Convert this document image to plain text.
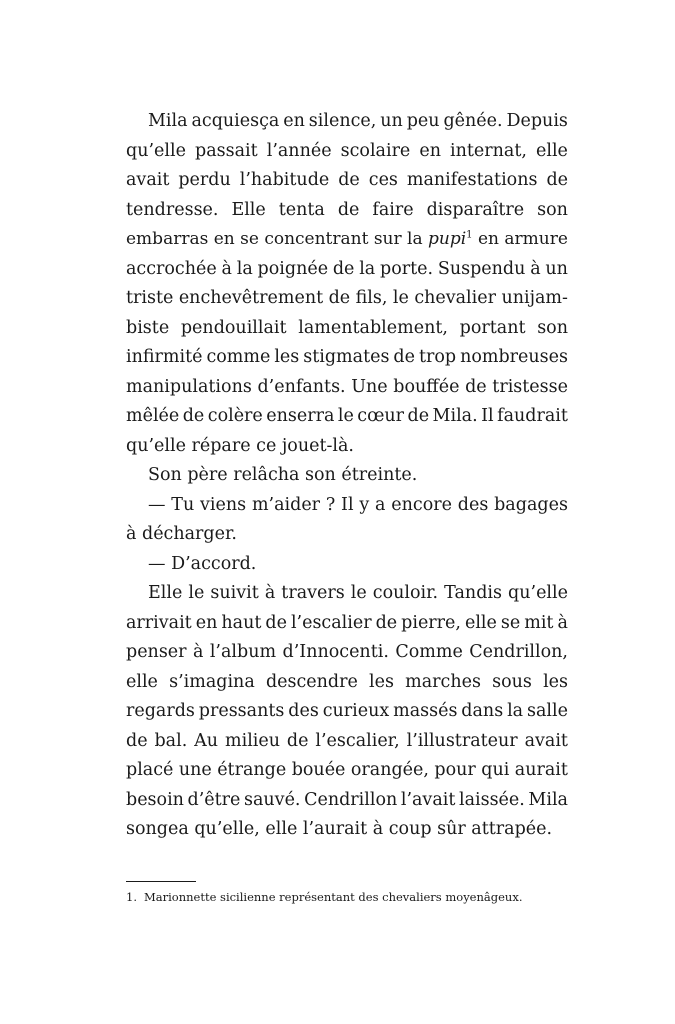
Mila acquiesça en silence, un peu gênée. Depuis
qu’elle passait l’année scolaire en internat, elle
avait perdu l’habitude de ces manifestations de
tendresse. Elle tenta de faire disparaître son
embarras en se concentrant sur la pupi$^1$ en armure
accrochée à la poignée de la porte. Suspendu à un
triste enchevêtrement de fils, le chevalier unijam-
biste pendouillait lamentablement, portant son
infirmité comme les stigmates de trop nombreuses
manipulations d’enfants. Une bouffée de tristesse
mêlée de colère enserra le cœur de Mila. Il faudrait
qu’elle répare ce jouet-là.
Son père relâcha son étreinte.
— Tu viens m’aider ? Il y a encore des bagages
à décharger.
— D’accord.
Elle le suivit à travers le couloir. Tandis qu’elle
arrivait en haut de l’escalier de pierre, elle se mit à
penser à l’album d’Innocenti. Comme Cendrillon,
elle s’imagina descendre les marches sous les
regards pressants des curieux massés dans la salle
de bal. Au milieu de l’escalier, l’illustrateur avait
placé une étrange bouée orangée, pour qui aurait
besoin d’être sauvé. Cendrillon l’avait laissée. Mila
songea qu’elle, elle l’aurait à coup sûr attrapée.
1. Marionnette sicilienne représentant des chevaliers moyenâgeux.
